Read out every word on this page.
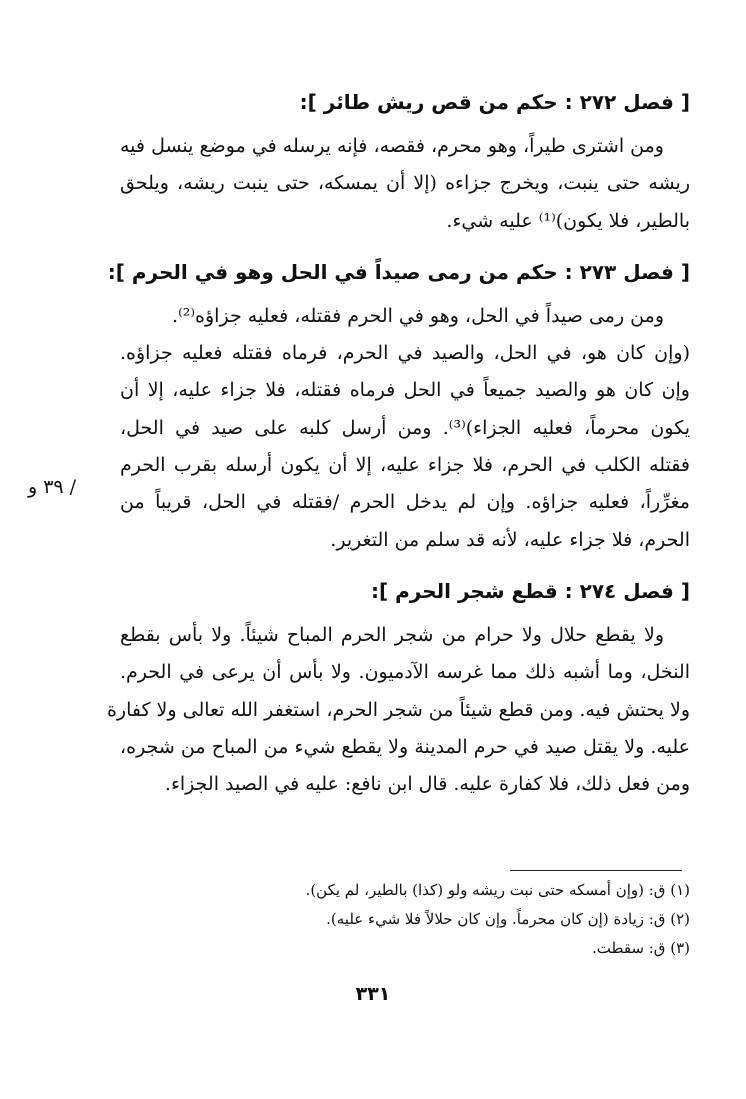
[ فصل ٢٧٢ : حكم من قص ريش طائر ]:
ومن اشترى طيراً، وهو محرم، فقصه، فإنه يرسله في موضع ينسل فيه
ريشه حتى ينبت، ويخرج جزاءه (إلا أن يمسكه، حتى ينبت ريشه، ويلحق
بالطير، فلا يكون)⁽¹⁾ عليه شيء.
[ فصل ٢٧٣ : حكم من رمى صيداً في الحل وهو في الحرم ]:
ومن رمى صيداً في الحل، وهو في الحرم فقتله، فعليه جزاؤه⁽²⁾.
(وإن كان هو، في الحل، والصيد في الحرم، فرماه فقتله فعليه جزاؤه.
وإن كان هو والصيد جميعاً في الحل فرماه فقتله، فلا جزاء عليه، إلا أن
يكون محرماً، فعليه الجزاء)⁽³⁾. ومن أرسل كلبه على صيد في الحل،
فقتله الكلب في الحرم، فلا جزاء عليه، إلا أن يكون أرسله بقرب الحرم
مغرِّراً، فعليه جزاؤه. وإن لم يدخل الحرم /فقتله في الحل، قريباً من
الحرم، فلا جزاء عليه، لأنه قد سلم من التغرير.
[ فصل ٢٧٤ : قطع شجر الحرم ]:
ولا يقطع حلال ولا حرام من شجر الحرم المباح شيئاً. ولا بأس بقطع
النخل، وما أشبه ذلك مما غرسه الآدميون. ولا بأس أن يرعى في الحرم.
ولا يحتش فيه. ومن قطع شيئاً من شجر الحرم، استغفر الله تعالى ولا كفارة
عليه. ولا يقتل صيد في حرم المدينة ولا يقطع شيء من المباح من شجره،
ومن فعل ذلك، فلا كفارة عليه. قال ابن نافع: عليه في الصيد الجزاء.
/ ٣٩ و
(١) ق: (وإن أمسكه حتى نبت ريشه ولو (كذا) بالطير، لم يكن).
(٢) ق: زيادة (إن كان محرماً. وإن كان حلالاً فلا شيء عليه).
(٣) ق: سقطت.
٣٣١
